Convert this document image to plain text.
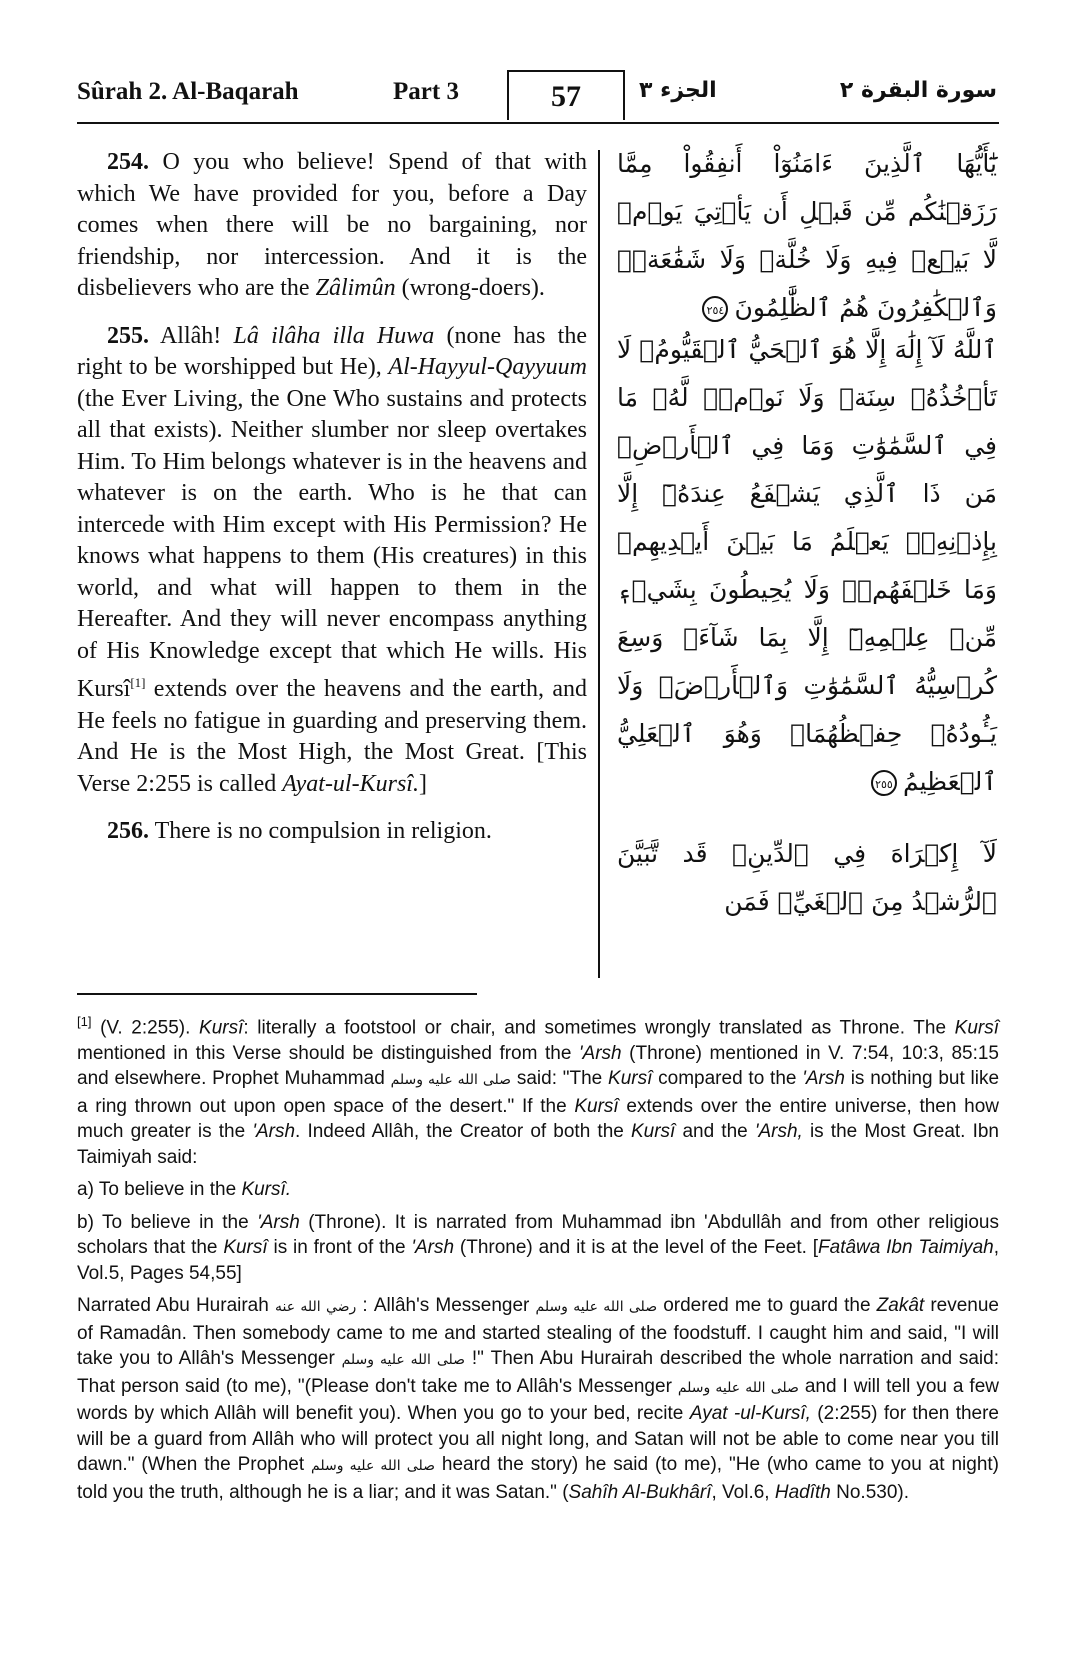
Sûrah 2. Al-Baqarah	Part 3	57	الجزء ٣	سورة البقرة ٢

254. O you who believe! Spend of that with which We have provided for you, before a Day comes when there will be no bargaining, nor friendship, nor intercession. And it is the disbelievers who are the Zâlimûn (wrong-doers).

255. Allâh! Lâ ilâha illa Huwa (none has the right to be worshipped but He), Al-Hayyul-Qayyuum (the Ever Living, the One Who sustains and protects all that exists). Neither slumber nor sleep overtakes Him. To Him belongs whatever is in the heavens and whatever is on the earth. Who is he that can intercede with Him except with His Permission? He knows what happens to them (His creatures) in this world, and what will happen to them in the Hereafter. And they will never encompass anything of His Knowledge except that which He wills. His Kursî[1] extends over the heavens and the earth, and He feels no fatigue in guarding and preserving them. And He is the Most High, the Most Great. [This Verse 2:255 is called Ayat-ul-Kursî.]

256. There is no compulsion in religion.

يَٰٓأَيُّهَا ٱلَّذِينَ ءَامَنُوٓاْ أَنفِقُواْ مِمَّا رَزَقۡنَٰكُم مِّن قَبۡلِ أَن يَأۡتِيَ يَوۡمٞ لَّا بَيۡعٞ فِيهِ وَلَا خُلَّةٞ وَلَا شَفَٰعَةٞۗ وَٱلۡكَٰفِرُونَ هُمُ ٱلظَّٰلِمُونَ٢٥٤

ٱللَّهُ لَآ إِلَٰهَ إِلَّا هُوَ ٱلۡحَيُّ ٱلۡقَيُّومُۚ لَا تَأۡخُذُهُۥ سِنَةٞ وَلَا نَوۡمٞۚ لَّهُۥ مَا فِي ٱلسَّمَٰوَٰتِ وَمَا فِي ٱلۡأَرۡضِۗ مَن ذَا ٱلَّذِي يَشۡفَعُ عِندَهُۥٓ إِلَّا بِإِذۡنِهِۦۚ يَعۡلَمُ مَا بَيۡنَ أَيۡدِيهِمۡ وَمَا خَلۡفَهُمۡۖ وَلَا يُحِيطُونَ بِشَيۡءٖ مِّنۡ عِلۡمِهِۦٓ إِلَّا بِمَا شَآءَۚ وَسِعَ كُرۡسِيُّهُ ٱلسَّمَٰوَٰتِ وَٱلۡأَرۡضَۖ وَلَا يَـُٔودُهُۥ حِفۡظُهُمَاۚ وَهُوَ ٱلۡعَلِيُّ ٱلۡعَظِيمُ٢٥٥

لَآ إِكۡرَاهَ فِي ٱلدِّينِۖ قَد تَّبَيَّنَ ٱلرُّشۡدُ مِنَ ٱلۡغَيِّۚ فَمَن

[1] (V. 2:255). Kursî: literally a footstool or chair, and sometimes wrongly translated as Throne. The Kursî mentioned in this Verse should be distinguished from the 'Arsh (Throne) mentioned in V. 7:54, 10:3, 85:15 and elsewhere. Prophet Muhammad صلى الله عليه وسلم said: "The Kursî compared to the 'Arsh is nothing but like a ring thrown out upon open space of the desert." If the Kursî extends over the entire universe, then how much greater is the 'Arsh. Indeed Allâh, the Creator of both the Kursî and the 'Arsh, is the Most Great. Ibn Taimiyah said:

a) To believe in the Kursî.

b) To believe in the 'Arsh (Throne). It is narrated from Muhammad ibn 'Abdullâh and from other religious scholars that the Kursî is in front of the 'Arsh (Throne) and it is at the level of the Feet. [Fatâwa Ibn Taimiyah, Vol.5, Pages 54,55]

Narrated Abu Hurairah رضي الله عنه : Allâh's Messenger صلى الله عليه وسلم ordered me to guard the Zakât revenue of Ramadân. Then somebody came to me and started stealing of the foodstuff. I caught him and said, "I will take you to Allâh's Messenger صلى الله عليه وسلم !" Then Abu Hurairah described the whole narration and said: That person said (to me), "(Please don't take me to Allâh's Messenger صلى الله عليه وسلم and I will tell you a few words by which Allâh will benefit you). When you go to your bed, recite Ayat -ul-Kursî, (2:255) for then there will be a guard from Allâh who will protect you all night long, and Satan will not be able to come near you till dawn." (When the Prophet صلى الله عليه وسلم heard the story) he said (to me), "He (who came to you at night) told you the truth, although he is a liar; and it was Satan." (Sahîh Al-Bukhârî, Vol.6, Hadîth No.530).
